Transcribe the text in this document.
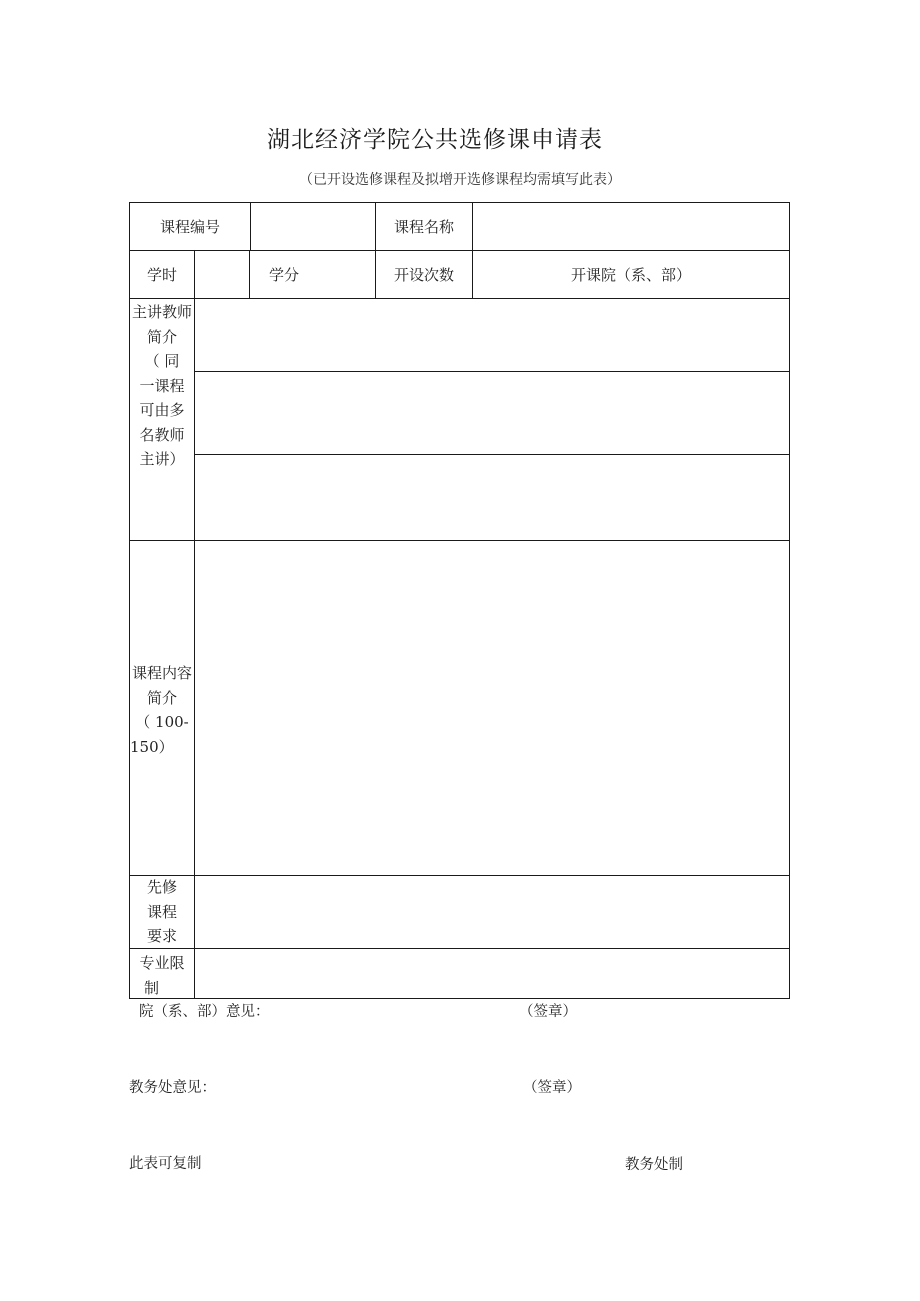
湖北经济学院公共选修课申请表
（已开设选修课程及拟增开选修课程均需填写此表）
课程编号	课程名称
学时	学分	开设次数	开课院（系、部）
主讲教师
简介
（ 同
一课程
可由多
名教师
主讲）
课程内容
简介
（ 100-
150）
先修
课程
要求
专业限
制
院（系、部）意见：	（签章）
教务处意见：	（签章）
此表可复制	教务处制
